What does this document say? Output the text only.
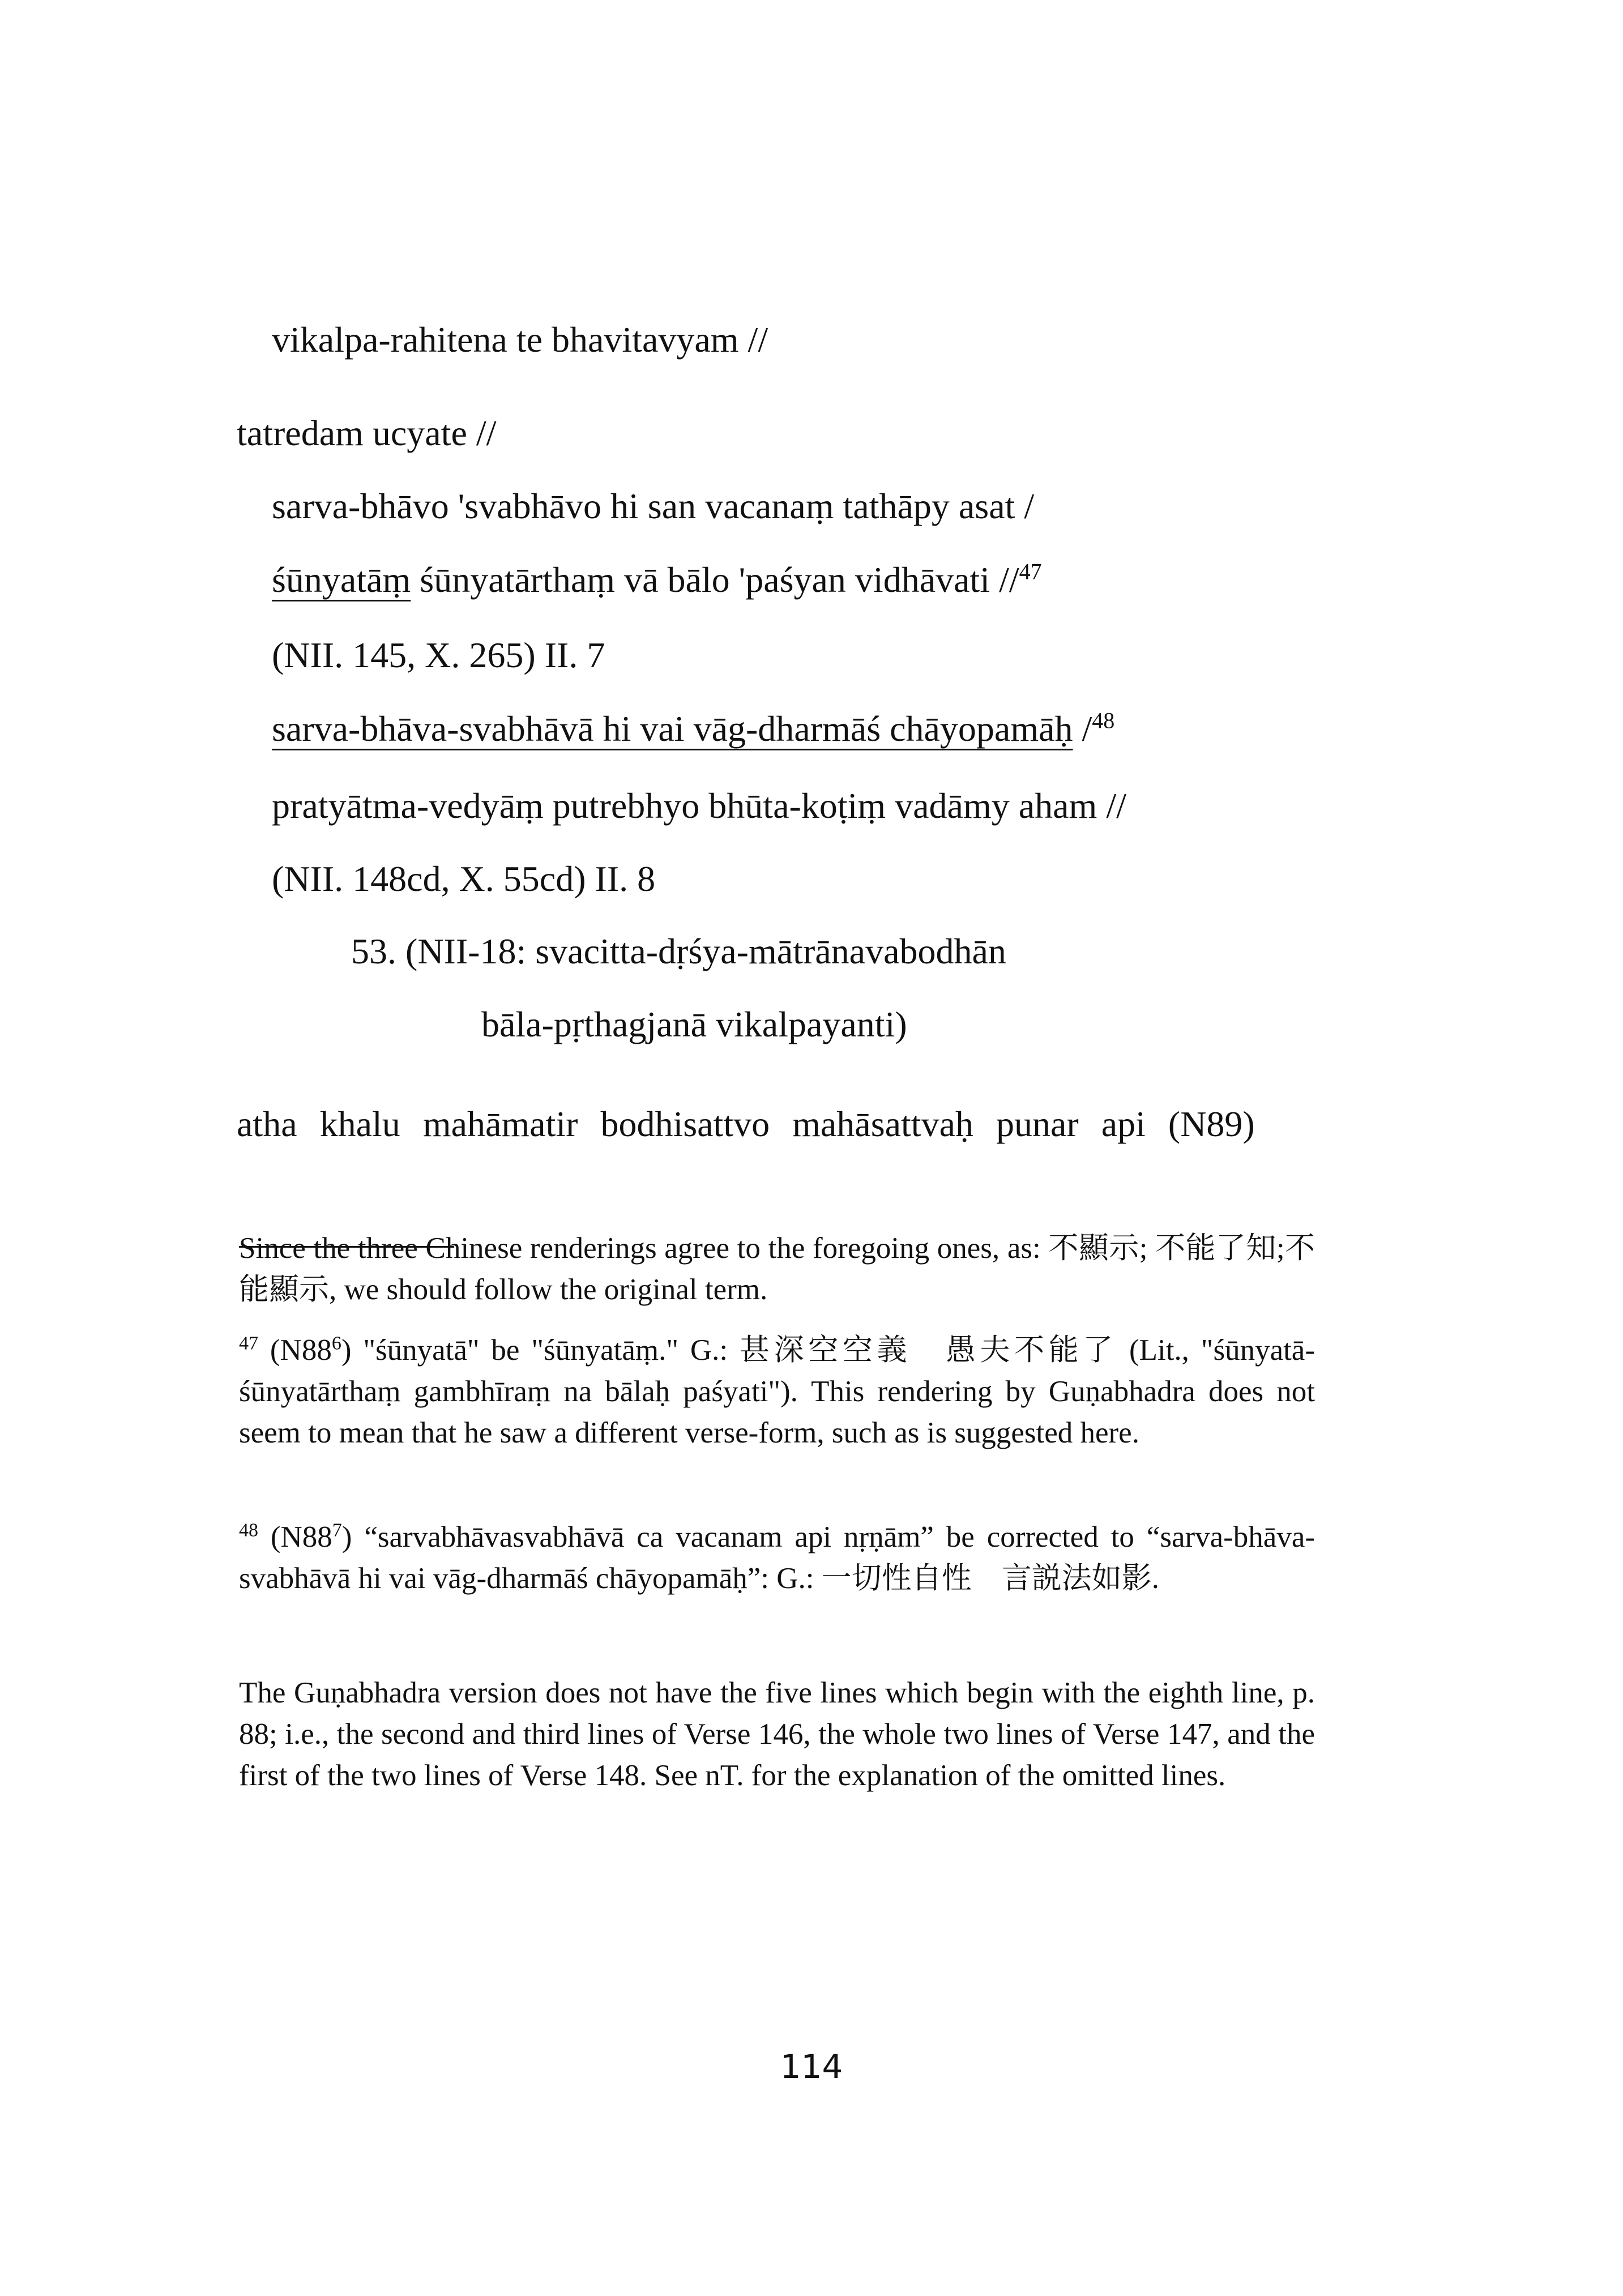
vikalpa-rahitena te bhavitavyam //
tatredam ucyate //
sarva-bhāvo 'svabhāvo hi san vacanaṃ tathāpy asat /
śūnyatāṃ śūnyatārthaṃ vā bālo 'paśyan vidhāvati //$^{47}$
(NII. 145, X. 265) II. 7
sarva-bhāva-svabhāvā hi vai vāg-dharmāś chāyopamāḥ /$^{48}$
pratyātma-vedyāṃ putrebhyo bhūta-koṭiṃ vadāmy aham //
(NII. 148cd, X. 55cd) II. 8
53. (NII-18: svacitta-dṛśya-mātrānavabodhān
bāla-pṛthagjanā vikalpayanti)
atha khalu mahāmatir bodhisattvo mahāsattvaḥ punar api (N89)
Since the three Chinese renderings agree to the foregoing ones, as: 不顯示; 不能了知;不能顯示, we should follow the original term.
$^{47}$ (N88$^6$) "śūnyatā" be "śūnyatāṃ." G.: 甚深空空義　愚夫不能了 (Lit., "śūnyatā-śūnyatārthaṃ gambhīraṃ na bālaḥ paśyati"). This rendering by Guṇabhadra does not seem to mean that he saw a different verse-form, such as is suggested here.
$^{48}$ (N88$^7$) “sarvabhāvasvabhāvā ca vacanam api nṛṇām” be corrected to “sarva-bhāva-svabhāvā hi vai vāg-dharmāś chāyopamāḥ”: G.: 一切性自性　言説法如影.
The Guṇabhadra version does not have the five lines which begin with the eighth line, p. 88; i.e., the second and third lines of Verse 146, the whole two lines of Verse 147, and the first of the two lines of Verse 148. See nT. for the explanation of the omitted lines.
114
